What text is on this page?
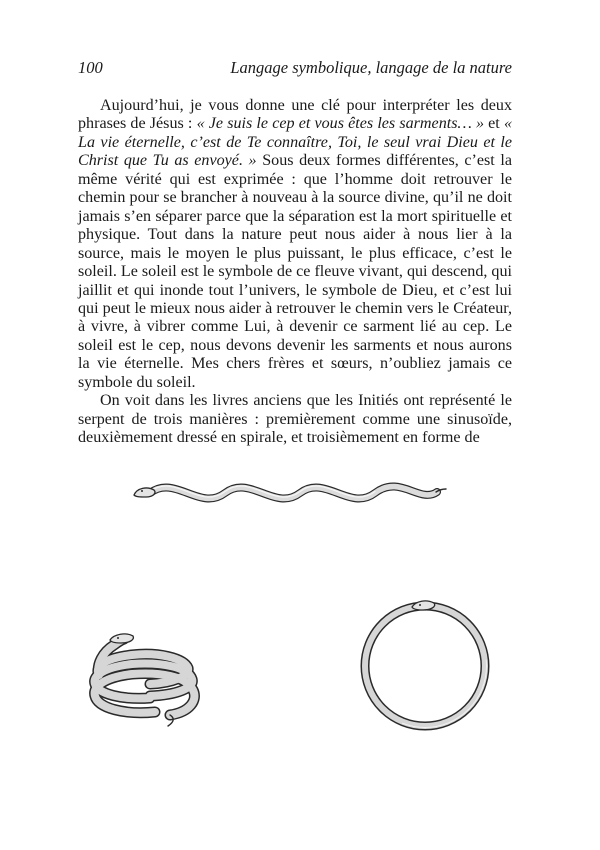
100	Langage symbolique, langage de la nature

Aujourd’hui, je vous donne une clé pour interpréter les deux phrases de Jésus : « Je suis le cep et vous êtes les sarments… » et « La vie éternelle, c’est de Te connaître, Toi, le seul vrai Dieu et le Christ que Tu as envoyé. » Sous deux formes différentes, c’est la même vérité qui est exprimée : que l’homme doit retrouver le chemin pour se brancher à nouveau à la source divine, qu’il ne doit jamais s’en séparer parce que la séparation est la mort spirituelle et physique. Tout dans la nature peut nous aider à nous lier à la source, mais le moyen le plus puissant, le plus efficace, c’est le soleil. Le soleil est le symbole de ce fleuve vivant, qui descend, qui jaillit et qui inonde tout l’univers, le symbole de Dieu, et c’est lui qui peut le mieux nous aider à retrouver le chemin vers le Créateur, à vivre, à vibrer comme Lui, à devenir ce sarment lié au cep. Le soleil est le cep, nous devons devenir les sarments et nous aurons la vie éternelle. Mes chers frères et sœurs, n’oubliez jamais ce symbole du soleil.

On voit dans les livres anciens que les Initiés ont représenté le serpent de trois manières : premièrement comme une sinusoïde, deuxièmement dressé en spirale, et troisièmement en forme de
